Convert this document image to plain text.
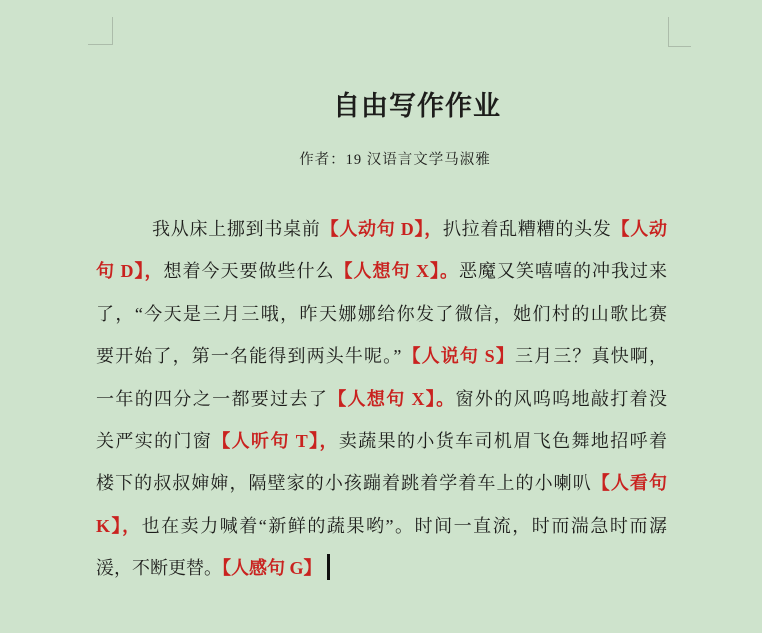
自由写作作业
作者：19 汉语言文学马淑雅
我从床上挪到书桌前【人动句 D】，扒拉着乱糟糟的头发【人动
句 D】，想着今天要做些什么【人想句 X】。恶魔又笑嘻嘻的冲我过来
了，“今天是三月三哦，昨天娜娜给你发了微信，她们村的山歌比赛
要开始了，第一名能得到两头牛呢。”【人说句 S】三月三？真快啊，
一年的四分之一都要过去了【人想句 X】。窗外的风呜呜地敲打着没
关严实的门窗【人听句 T】，卖蔬果的小货车司机眉飞色舞地招呼着
楼下的叔叔婶婶，隔壁家的小孩蹦着跳着学着车上的小喇叭【人看句
K】，也在卖力喊着“新鲜的蔬果哟”。时间一直流，时而湍急时而潺
湲，不断更替。【人感句 G】
